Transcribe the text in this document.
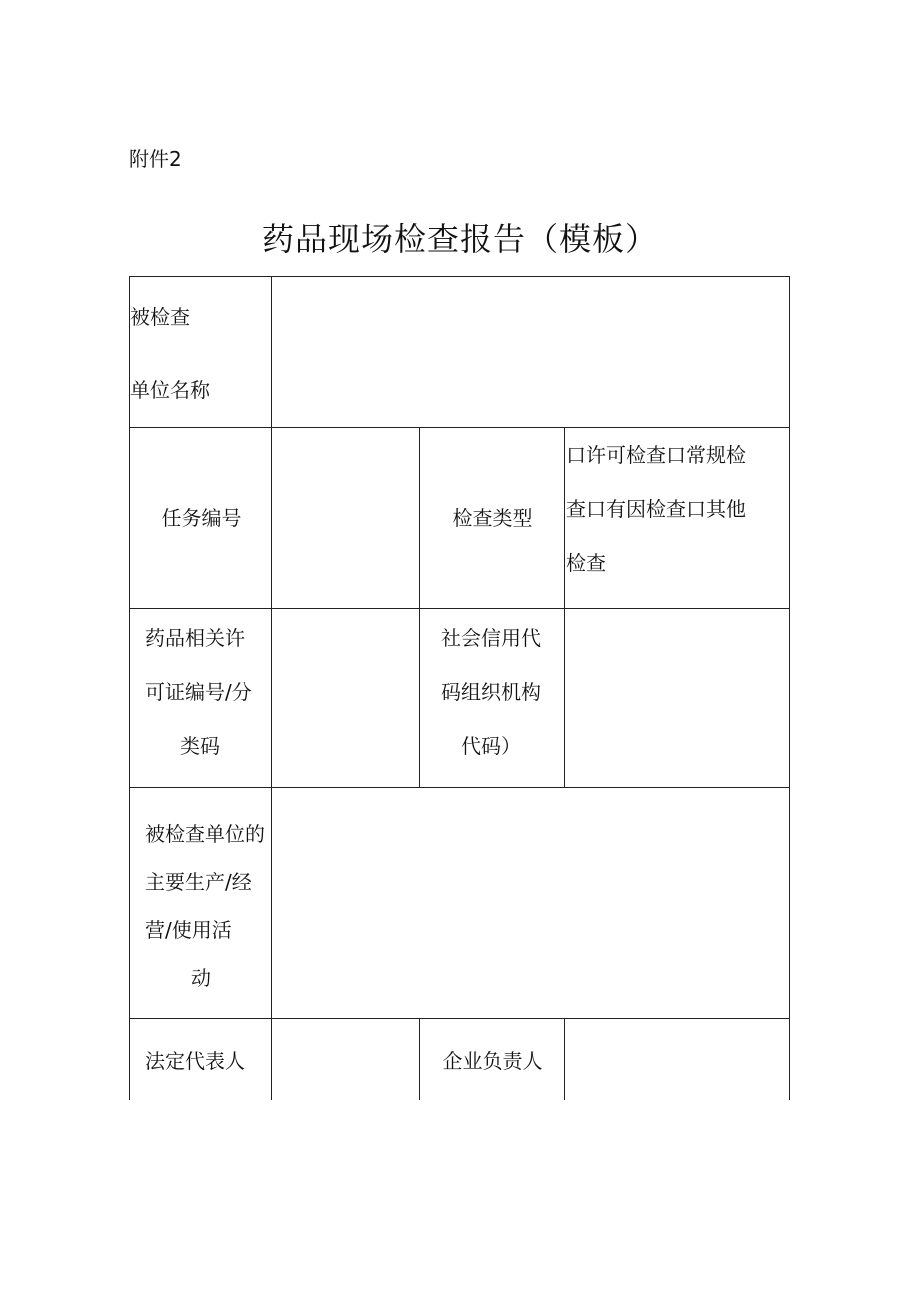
附件2
药品现场检查报告（模板）
被检查
单位名称
任务编号	检查类型
口许可检查口常规检
查口有因检查口其他
检查
药品相关许
可证编号/分
类码
社会信用代
码组织机构
代码）
被检查单位的
主要生产/经
营/使用活
动
法定代表人	企业负责人
